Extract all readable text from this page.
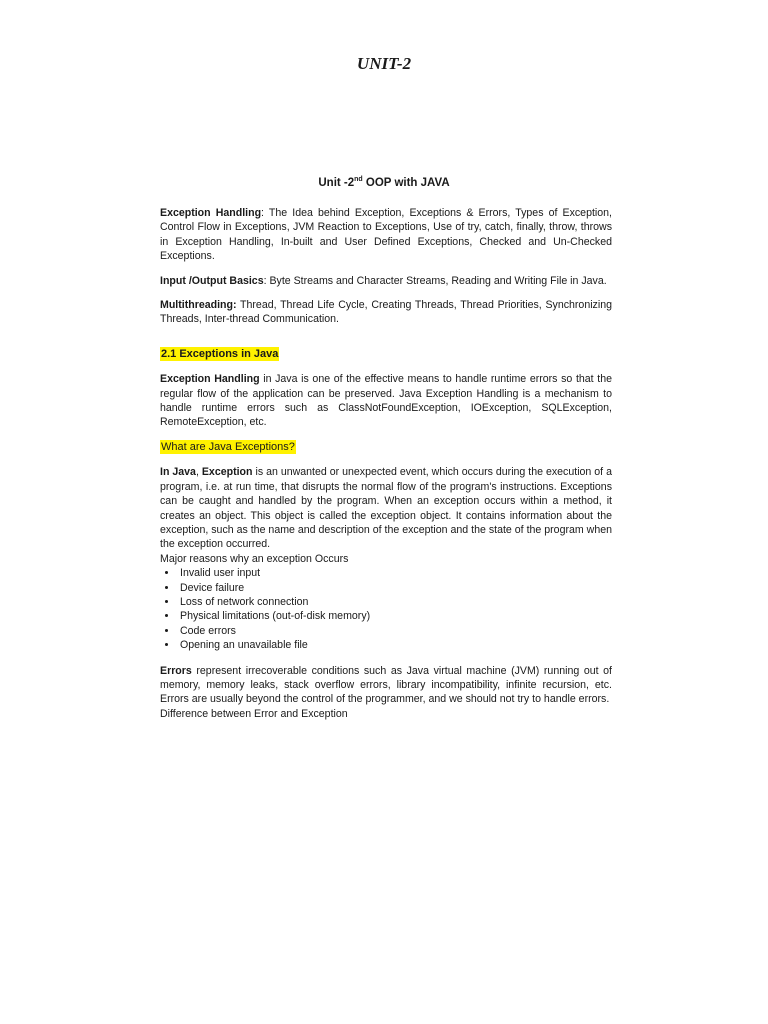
UNIT-2
Unit -2nd OOP with JAVA

Exception Handling: The Idea behind Exception, Exceptions & Errors, Types of Exception, Control Flow in Exceptions, JVM Reaction to Exceptions, Use of try, catch, finally, throw, throws in Exception Handling, In-built and User Defined Exceptions, Checked and Un-Checked Exceptions.

Input /Output Basics: Byte Streams and Character Streams, Reading and Writing File in Java.

Multithreading: Thread, Thread Life Cycle, Creating Threads, Thread Priorities, Synchronizing Threads, Inter-thread Communication.

2.1 Exceptions in Java

Exception Handling in Java is one of the effective means to handle runtime errors so that the regular flow of the application can be preserved. Java Exception Handling is a mechanism to handle runtime errors such as ClassNotFoundException, IOException, SQLException, RemoteException, etc.

What are Java Exceptions?

In Java, Exception is an unwanted or unexpected event, which occurs during the execution of a program, i.e. at run time, that disrupts the normal flow of the program's instructions. Exceptions can be caught and handled by the program. When an exception occurs within a method, it creates an object. This object is called the exception object. It contains information about the exception, such as the name and description of the exception and the state of the program when the exception occurred.

Major reasons why an exception Occurs
• Invalid user input
• Device failure
• Loss of network connection
• Physical limitations (out-of-disk memory)
• Code errors
• Opening an unavailable file

Errors represent irrecoverable conditions such as Java virtual machine (JVM) running out of memory, memory leaks, stack overflow errors, library incompatibility, infinite recursion, etc. Errors are usually beyond the control of the programmer, and we should not try to handle errors.

Difference between Error and Exception
